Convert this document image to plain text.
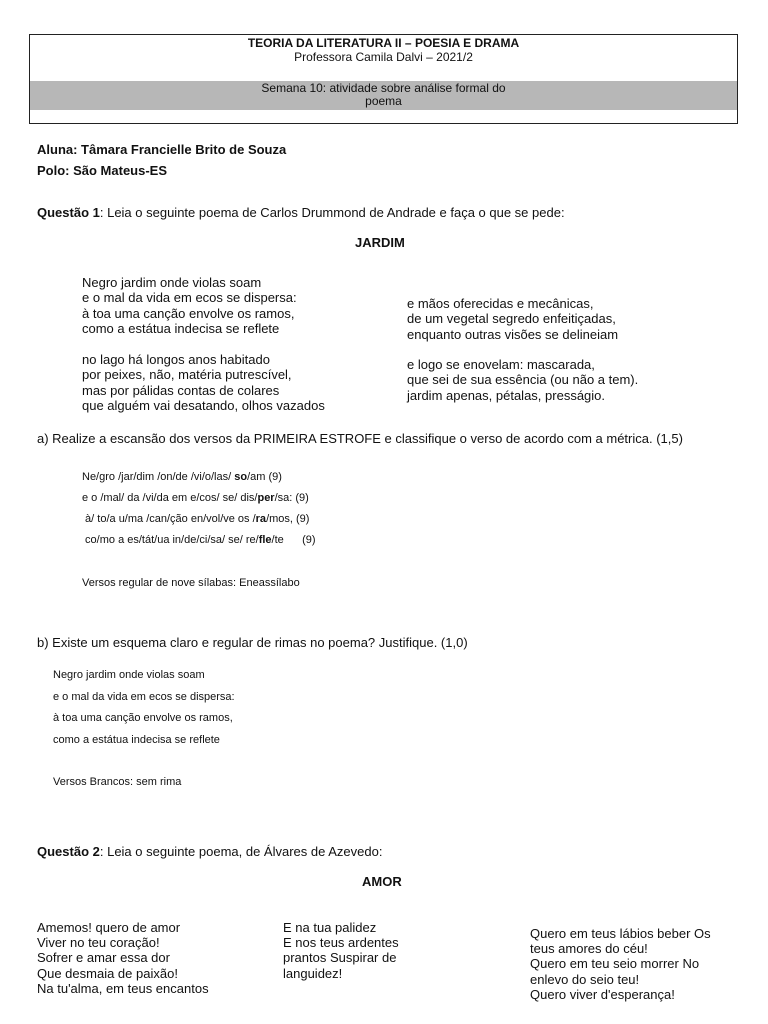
TEORIA DA LITERATURA II – POESIA E DRAMA
Professora Camila Dalvi – 2021/2
Semana 10: atividade sobre análise formal do
poema
Aluna: Tâmara Francielle Brito de Souza
Polo: São Mateus-ES
Questão 1: Leia o seguinte poema de Carlos Drummond de Andrade e faça o que se pede:
JARDIM
Negro jardim onde violas soam
e o mal da vida em ecos se dispersa:
à toa uma canção envolve os ramos,
como a estátua indecisa se reflete
no lago há longos anos habitado
por peixes, não, matéria putrescível,
mas por pálidas contas de colares
que alguém vai desatando, olhos vazados
e mãos oferecidas e mecânicas,
de um vegetal segredo enfeitiçadas,
enquanto outras visões se delineiam
e logo se enovelam: mascarada,
que sei de sua essência (ou não a tem).
jardim apenas, pétalas, presságio.
a) Realize a escansão dos versos da PRIMEIRA ESTROFE e classifique o verso de acordo com a métrica. (1,5)
Ne/gro /jar/dim /on/de /vi/o/las/ so/am (9)
e o /mal/ da /vi/da em e/cos/ se/ dis/per/sa: (9)
à/ to/a u/ma /can/ção en/vol/ve os /ra/mos, (9)
co/mo a es/tát/ua in/de/ci/sa/ se/ re/fle/te      (9)
Versos regular de nove sílabas: Eneassílabo
b) Existe um esquema claro e regular de rimas no poema? Justifique. (1,0)
Negro jardim onde violas soam
e o mal da vida em ecos se dispersa:
à toa uma canção envolve os ramos,
como a estátua indecisa se reflete
Versos Brancos: sem rima
Questão 2: Leia o seguinte poema, de Álvares de Azevedo:
AMOR
Amemos! quero de amor
Viver no teu coração!
Sofrer e amar essa dor
Que desmaia de paixão!
Na tu'alma, em teus encantos
E na tua palidez
E nos teus ardentes
prantos Suspirar de
languidez!
Quero em teus lábios beber Os
teus amores do céu!
Quero em teu seio morrer No
enlevo do seio teu!
Quero viver d'esperança!
